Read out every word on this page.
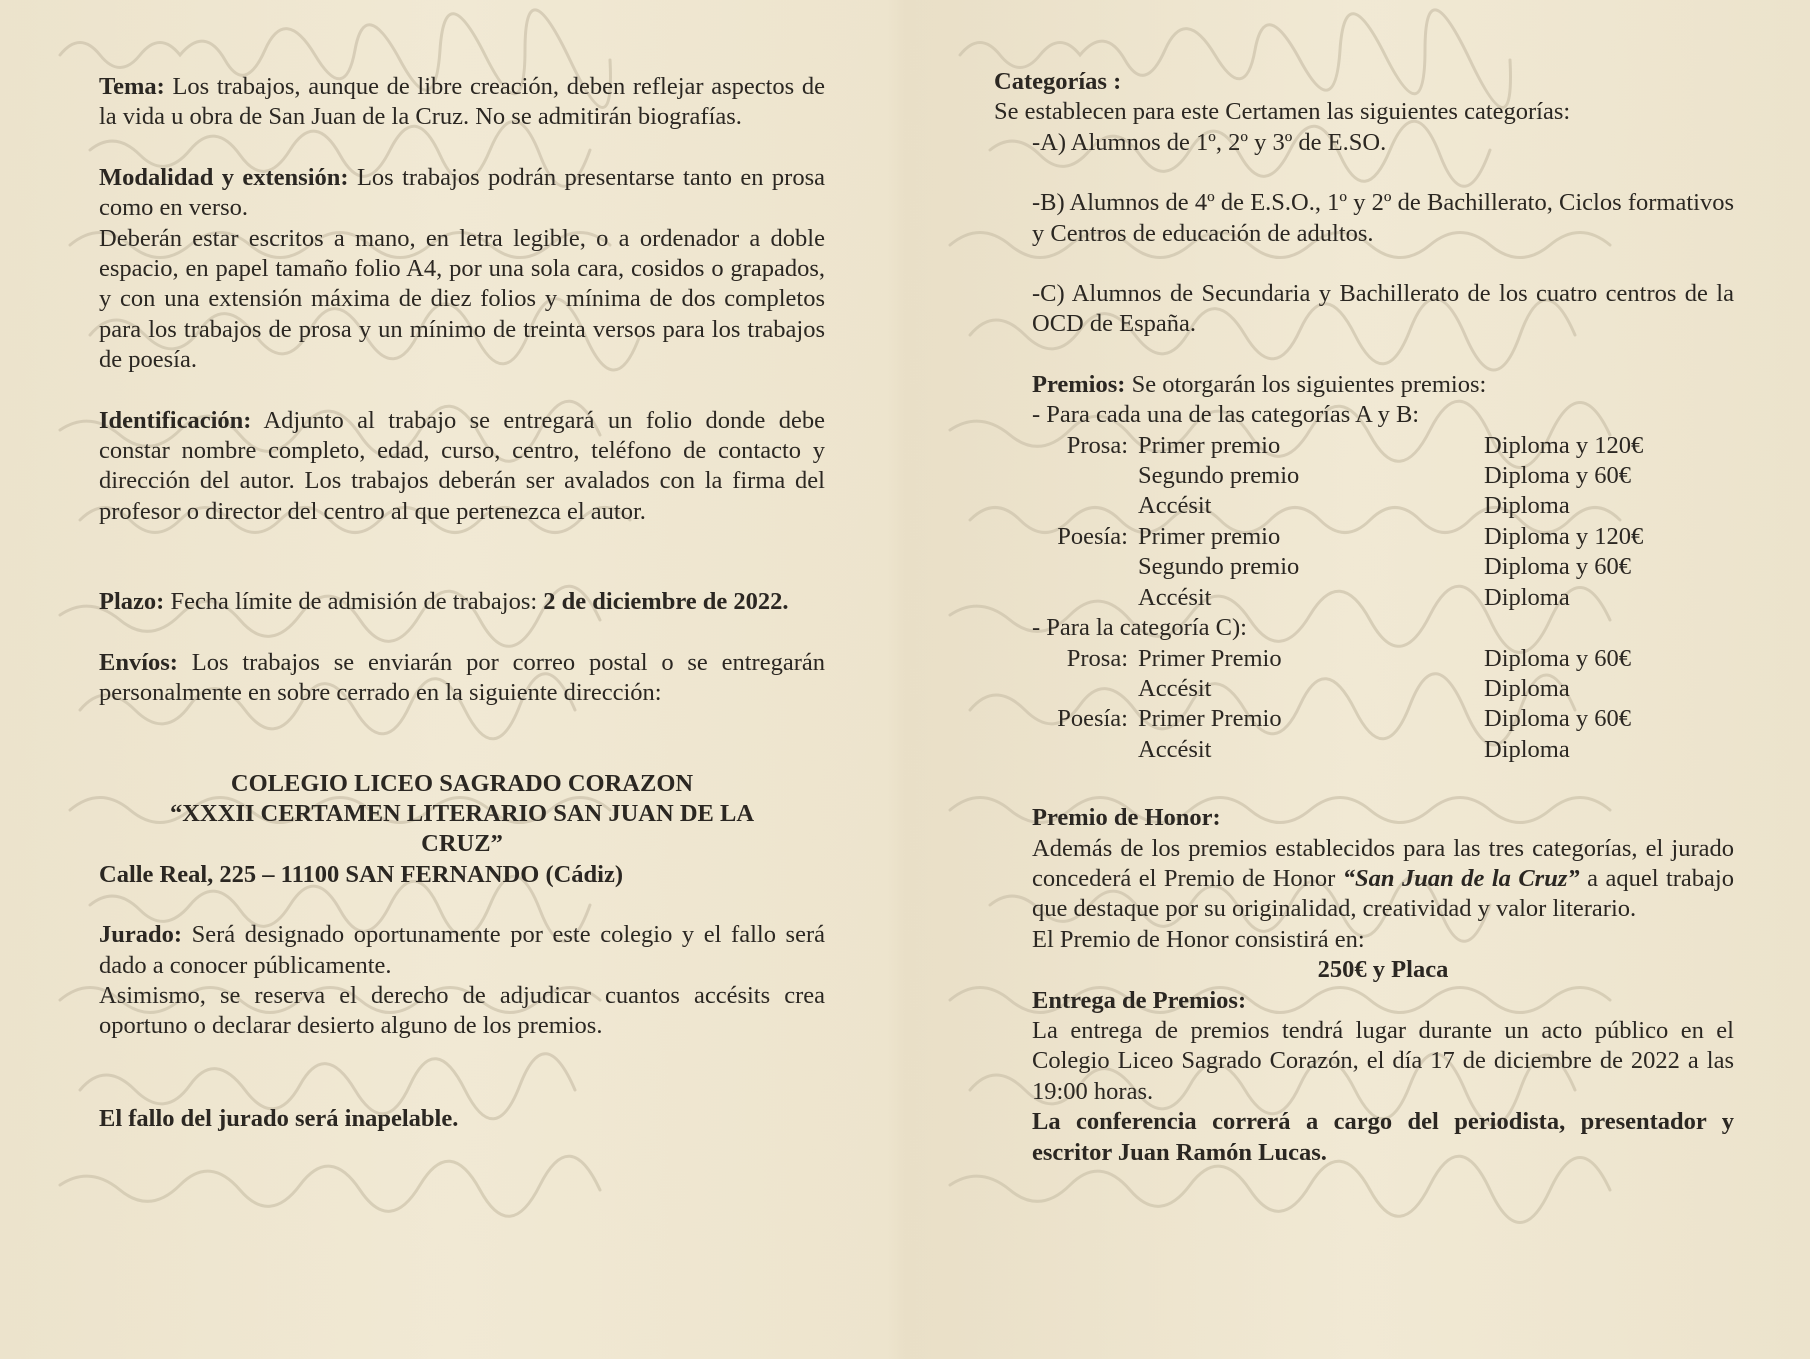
Tema: Los trabajos, aunque de libre creación, deben reflejar aspectos de la vida u obra de San Juan de la Cruz. No se admitirán biografías.

Modalidad y extensión: Los trabajos podrán presentarse tanto en prosa como en verso.

Deberán estar escritos a mano, en letra legible, o a ordenador a doble espacio, en papel tamaño folio A4, por una sola cara, cosidos o grapados, y con una extensión máxima de diez folios y mínima de dos completos para los trabajos de prosa y un mínimo de treinta versos para los trabajos de poesía.

Identificación: Adjunto al trabajo se entregará un folio donde debe constar nombre completo, edad, curso, centro, teléfono de contacto y dirección del autor. Los trabajos deberán ser avalados con la firma del profesor o director del centro al que pertenezca el autor.

Plazo: Fecha límite de admisión de trabajos: 2 de diciembre de 2022.

Envíos: Los trabajos se enviarán por correo postal o se entregarán personalmente en sobre cerrado en la siguiente dirección:

COLEGIO LICEO SAGRADO CORAZON

“XXXII CERTAMEN LITERARIO SAN JUAN DE LA CRUZ”

Calle Real, 225 – 11100 SAN FERNANDO (Cádiz)

Jurado: Será designado oportunamente por este colegio y el fallo será dado a conocer públicamente.

Asimismo, se reserva el derecho de adjudicar cuantos accésits crea oportuno o declarar desierto alguno de los premios.

El fallo del jurado será inapelable.

Categorías :

Se establecen para este Certamen las siguientes categorías:

-A) Alumnos de 1º, 2º y 3º de E.SO.

-B) Alumnos de 4º de E.S.O., 1º y 2º de Bachillerato, Ciclos formativos y Centros de educación de adultos.

-C) Alumnos de Secundaria y Bachillerato de los cuatro centros de la OCD de España.

Premios: Se otorgarán los siguientes premios:

- Para cada una de las categorías A y B:

Prosa:	Primer premio	Diploma y 120€
	Segundo premio	Diploma y 60€
	Accésit	Diploma
Poesía:	Primer premio	Diploma y 120€
	Segundo premio	Diploma y 60€
	Accésit	Diploma

- Para la categoría C):

Prosa:	Primer Premio	Diploma y 60€
	Accésit	Diploma
Poesía:	Primer Premio	Diploma y 60€
	Accésit	Diploma

Premio de Honor:

Además de los premios establecidos para las tres categorías, el jurado concederá el Premio de Honor “San Juan de la Cruz” a aquel trabajo que destaque por su originalidad, creatividad y valor literario.

El Premio de Honor consistirá en:

250€ y Placa

Entrega de Premios:

La entrega de premios tendrá lugar durante un acto público en el Colegio Liceo Sagrado Corazón, el día 17 de diciembre de 2022 a las 19:00 horas.

La conferencia correrá a cargo del periodista, presentador y escritor Juan Ramón Lucas.
